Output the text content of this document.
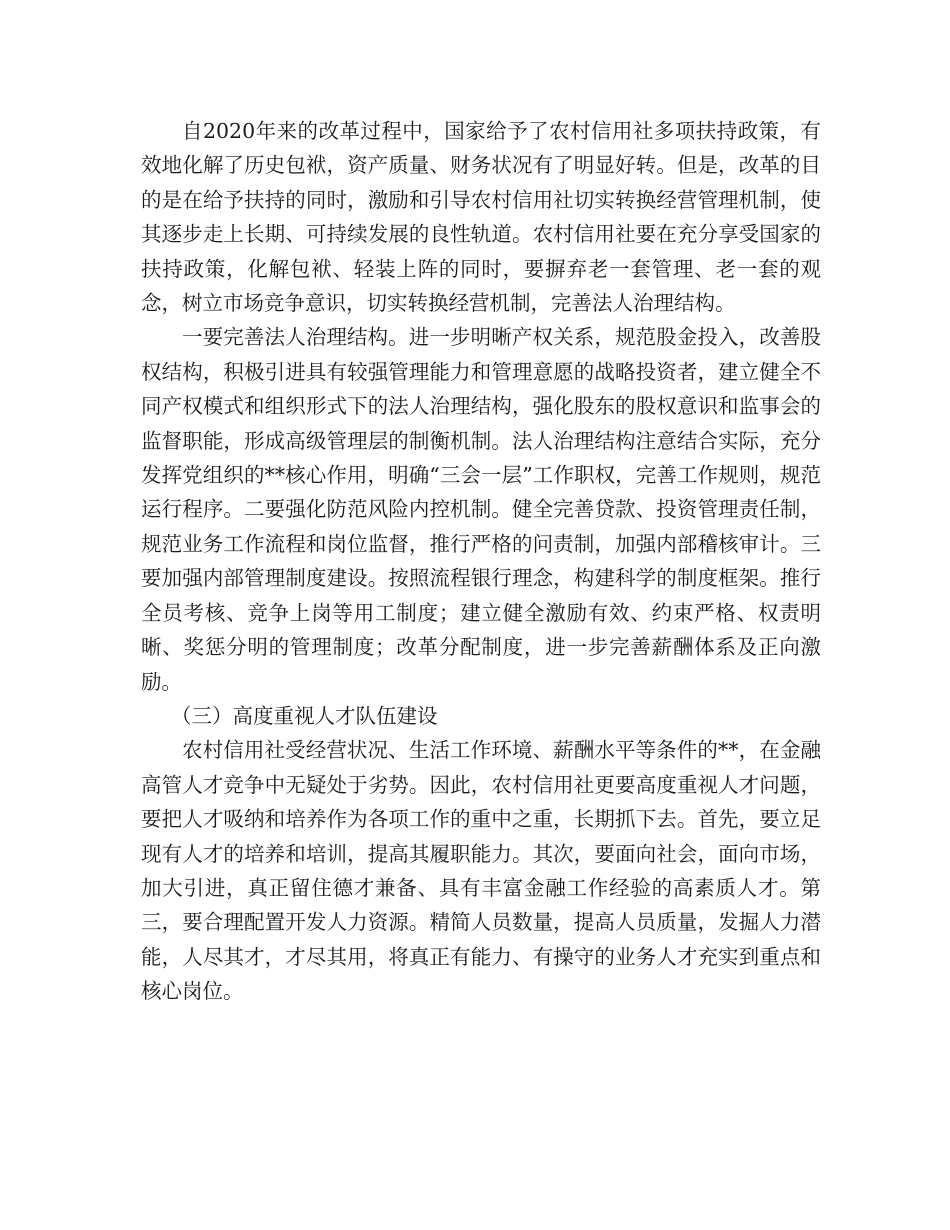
自2020年来的改革过程中，国家给予了农村信用社多项扶持政策，有效地化解了历史包袱，资产质量、财务状况有了明显好转。但是，改革的目的是在给予扶持的同时，激励和引导农村信用社切实转换经营管理机制，使其逐步走上长期、可持续发展的良性轨道。农村信用社要在充分享受国家的扶持政策，化解包袱、轻装上阵的同时，要摒弃老一套管理、老一套的观念，树立市场竞争意识，切实转换经营机制，完善法人治理结构。

一要完善法人治理结构。进一步明晰产权关系，规范股金投入，改善股权结构，积极引进具有较强管理能力和管理意愿的战略投资者，建立健全不同产权模式和组织形式下的法人治理结构，强化股东的股权意识和监事会的监督职能，形成高级管理层的制衡机制。法人治理结构注意结合实际，充分发挥党组织的**核心作用，明确“三会一层”工作职权，完善工作规则，规范运行程序。二要强化防范风险内控机制。健全完善贷款、投资管理责任制，规范业务工作流程和岗位监督，推行严格的问责制，加强内部稽核审计。三要加强内部管理制度建设。按照流程银行理念，构建科学的制度框架。推行全员考核、竞争上岗等用工制度；建立健全激励有效、约束严格、权责明晰、奖惩分明的管理制度；改革分配制度，进一步完善薪酬体系及正向激励。

（三）高度重视人才队伍建设

农村信用社受经营状况、生活工作环境、薪酬水平等条件的**，在金融高管人才竞争中无疑处于劣势。因此，农村信用社更要高度重视人才问题，要把人才吸纳和培养作为各项工作的重中之重，长期抓下去。首先，要立足现有人才的培养和培训，提高其履职能力。其次，要面向社会，面向市场，加大引进，真正留住德才兼备、具有丰富金融工作经验的高素质人才。第三，要合理配置开发人力资源。精简人员数量，提高人员质量，发掘人力潜能，人尽其才，才尽其用，将真正有能力、有操守的业务人才充实到重点和核心岗位。
